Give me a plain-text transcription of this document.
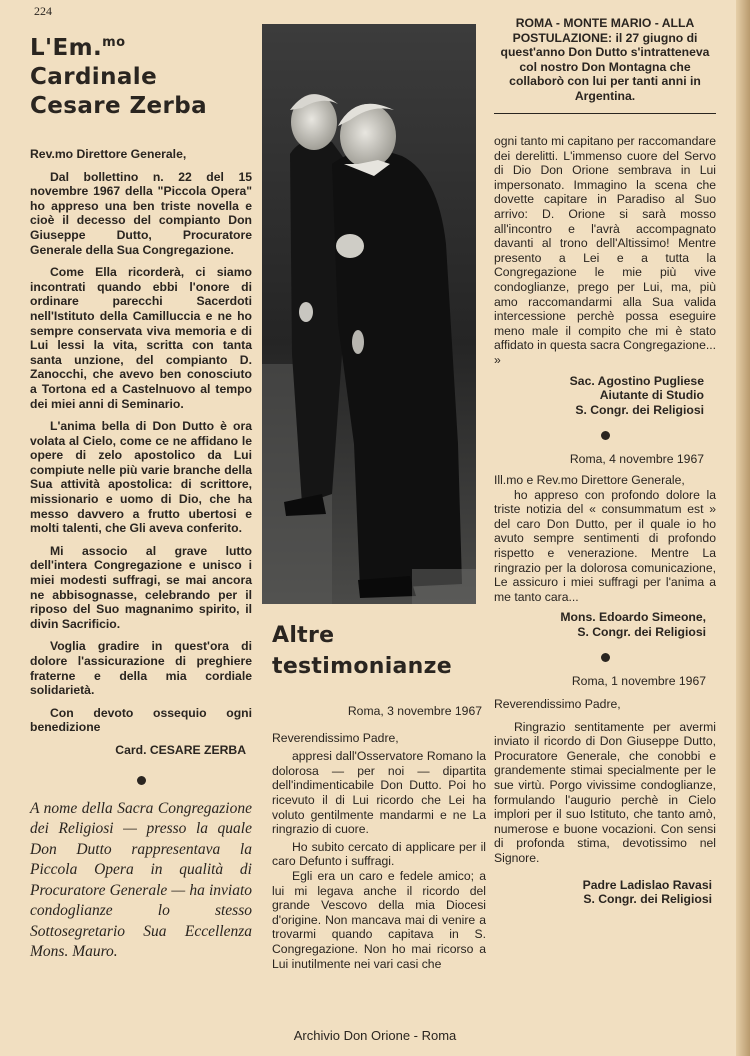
224
L'Em.$^{mo}$
Cardinale
Cesare Zerba

Rev.mo Direttore Generale,

Dal bollettino n. 22 del 15 novembre 1967 della "Piccola Opera" ho appreso una ben triste novella e cioè il decesso del compianto Don Giuseppe Dutto, Procuratore Generale della Sua Congregazione.

Come Ella ricorderà, ci siamo incontrati quando ebbi l'onore di ordinare parecchi Sacerdoti nell'Istituto della Camilluccia e ne ho sempre conservata viva memoria e di Lui lessi la vita, scritta con tanta santa unzione, del compianto D. Zanocchi, che avevo ben conosciuto a Tortona ed a Castelnuovo al tempo dei miei anni di Seminario.

L'anima bella di Don Dutto è ora volata al Cielo, come ce ne affidano le opere di zelo apostolico da Lui compiute nelle più varie branche della Sua attività apostolica: di scrittore, missionario e uomo di Dio, che ha messo davvero a frutto ubertosi e molti talenti, che Gli aveva conferito.

Mi associo al grave lutto dell'intera Congregazione e unisco i miei modesti suffragi, se mai ancora ne abbisognasse, celebrando per il riposo del Suo magnanimo spirito, il divin Sacrificio.

Voglia gradire in quest'ora di dolore l'assicurazione di preghiere fraterne e della mia cordiale solidarietà.

Con devoto ossequio ogni benedizione

Card. CESARE ZERBA

A nome della Sacra Congregazione dei Religiosi — presso la quale Don Dutto rappresentava la Piccola Opera in qualità di Procuratore Generale — ha inviato condoglianze lo stesso Sottosegretario Sua Eccellenza Mons. Mauro.

Altre
testimonianze

Roma, 3 novembre 1967

Reverendissimo Padre,

appresi dall'Osservatore Romano la dolorosa — per noi — dipartita dell'indimenticabile Don Dutto. Poi ho ricevuto il di Lui ricordo che Lei ha voluto gentilmente mandarmi e ne La ringrazio di cuore.

Ho subito cercato di applicare per il caro Defunto i suffragi.

Egli era un caro e fedele amico; a lui mi legava anche il ricordo del grande Vescovo della mia Diocesi d'origine. Non mancava mai di venire a trovarmi quando capitava in S. Congregazione. Non ho mai ricorso a Lui inutilmente nei vari casi che

ROMA - MONTE MARIO - ALLA POSTULAZIONE: il 27 giugno di quest'anno Don Dutto s'intratteneva col nostro Don Montagna che collaborò con lui per tanti anni in Argentina.

ogni tanto mi capitano per raccomandare dei derelitti. L'immenso cuore del Servo di Dio Don Orione sembrava in Lui impersonato. Immagino la scena che dovette capitare in Paradiso al Suo arrivo: D. Orione si sarà mosso all'incontro e l'avrà accompagnato davanti al trono dell'Altissimo! Mentre presento a Lei e a tutta la Congregazione le mie più vive condoglianze, prego per Lui, ma, più amo raccomandarmi alla Sua valida intercessione perchè possa eseguire meno male il compito che mi è stato affidato in questa sacra Congregazione... »

Sac. Agostino Pugliese

Aiutante di Studio

S. Congr. dei Religiosi

Roma, 4 novembre 1967

Ill.mo e Rev.mo Direttore Generale,

ho appreso con profondo dolore la triste notizia del « consummatum est » del caro Don Dutto, per il quale io ho avuto sempre sentimenti di profondo rispetto e venerazione. Mentre La ringrazio per la dolorosa comunicazione, Le assicuro i miei suffragi per l'anima a me tanto cara...

Mons. Edoardo Simeone,

S. Congr. dei Religiosi

Roma, 1 novembre 1967

Reverendissimo Padre,

Ringrazio sentitamente per avermi inviato il ricordo di Don Giuseppe Dutto, Procuratore Generale, che conobbi e grandemente stimai specialmente per le sue virtù. Porgo vivissime condoglianze, formulando l'augurio perchè in Cielo implori per il suo Istituto, che tanto amò, numerose e buone vocazioni. Con sensi di profonda stima, devotissimo nel Signore.

Padre Ladislao Ravasi

S. Congr. dei Religiosi

Archivio Don Orione - Roma
